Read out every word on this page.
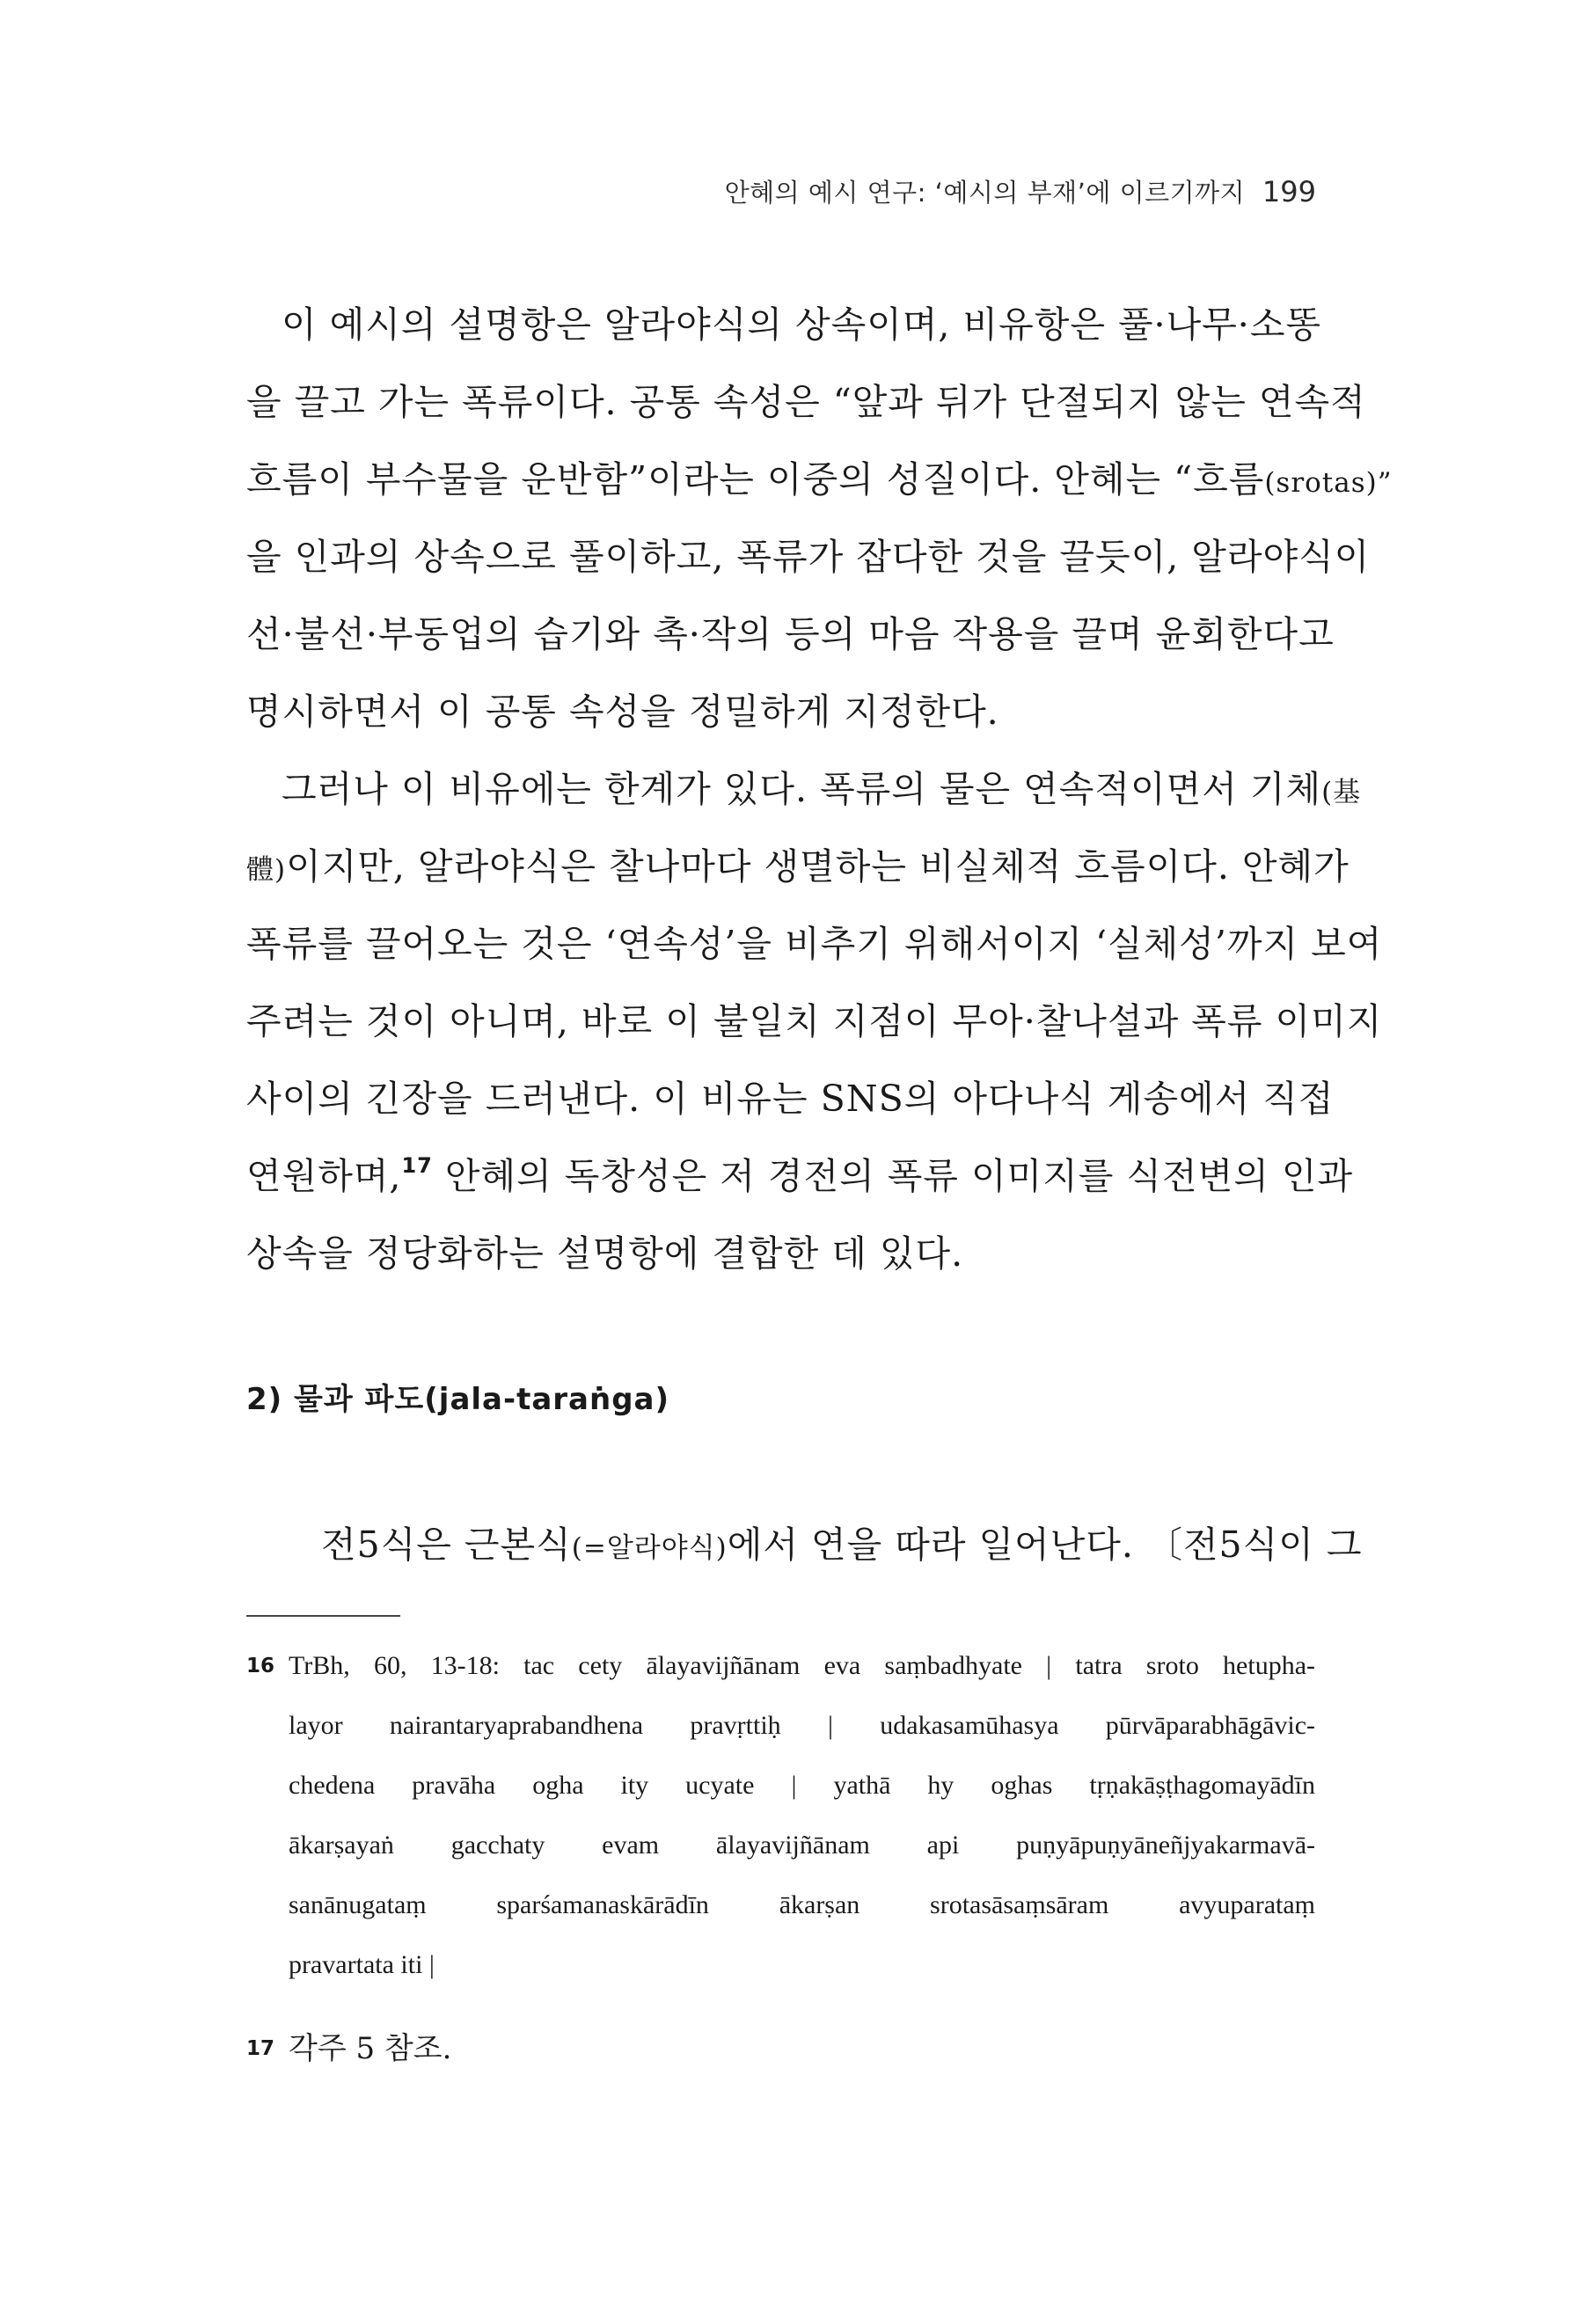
안혜의 예시 연구: ‘예시의 부재’에 이르기까지 199
이 예시의 설명항은 알라야식의 상속이며, 비유항은 풀·나무·소똥
을 끌고 가는 폭류이다. 공통 속성은 “앞과 뒤가 단절되지 않는 연속적
흐름이 부수물을 운반함”이라는 이중의 성질이다. 안혜는 “흐름(srotas)”
을 인과의 상속으로 풀이하고, 폭류가 잡다한 것을 끌듯이, 알라야식이
선·불선·부동업의 습기와 촉·작의 등의 마음 작용을 끌며 윤회한다고
명시하면서 이 공통 속성을 정밀하게 지정한다.
그러나 이 비유에는 한계가 있다. 폭류의 물은 연속적이면서 기체(基
體)이지만, 알라야식은 찰나마다 생멸하는 비실체적 흐름이다. 안혜가
폭류를 끌어오는 것은 ‘연속성’을 비추기 위해서이지 ‘실체성’까지 보여
주려는 것이 아니며, 바로 이 불일치 지점이 무아·찰나설과 폭류 이미지
사이의 긴장을 드러낸다. 이 비유는 SNS의 아다나식 게송에서 직접
연원하며,$^{17}$ 안혜의 독창성은 저 경전의 폭류 이미지를 식전변의 인과
상속을 정당화하는 설명항에 결합한 데 있다.
2) 물과 파도(jala-taraṅga)
전5식은 근본식(=알라야식)에서 연을 따라 일어난다. 〔전5식이 그
16 TrBh, 60, 13-18: tac cety ālayavijñānam eva saṃbadhyate | tatra sroto hetupha-
layor nairantaryaprabandhena pravṛttiḥ | udakasamūhasya pūrvāparabhāgāvic-
chedena pravāha ogha ity ucyate | yathā hy oghas tṛṇakāṣṭhagomayādīn
ākarṣayaṅ gacchaty evam ālayavijñānam api puṇyāpuṇyāneñjyakarmavā-
sanānugataṃ sparśamanaskārādīn ākarṣan srotasāsaṃsāram avyuparataṃ
pravartata iti |
17 각주 5 참조.
